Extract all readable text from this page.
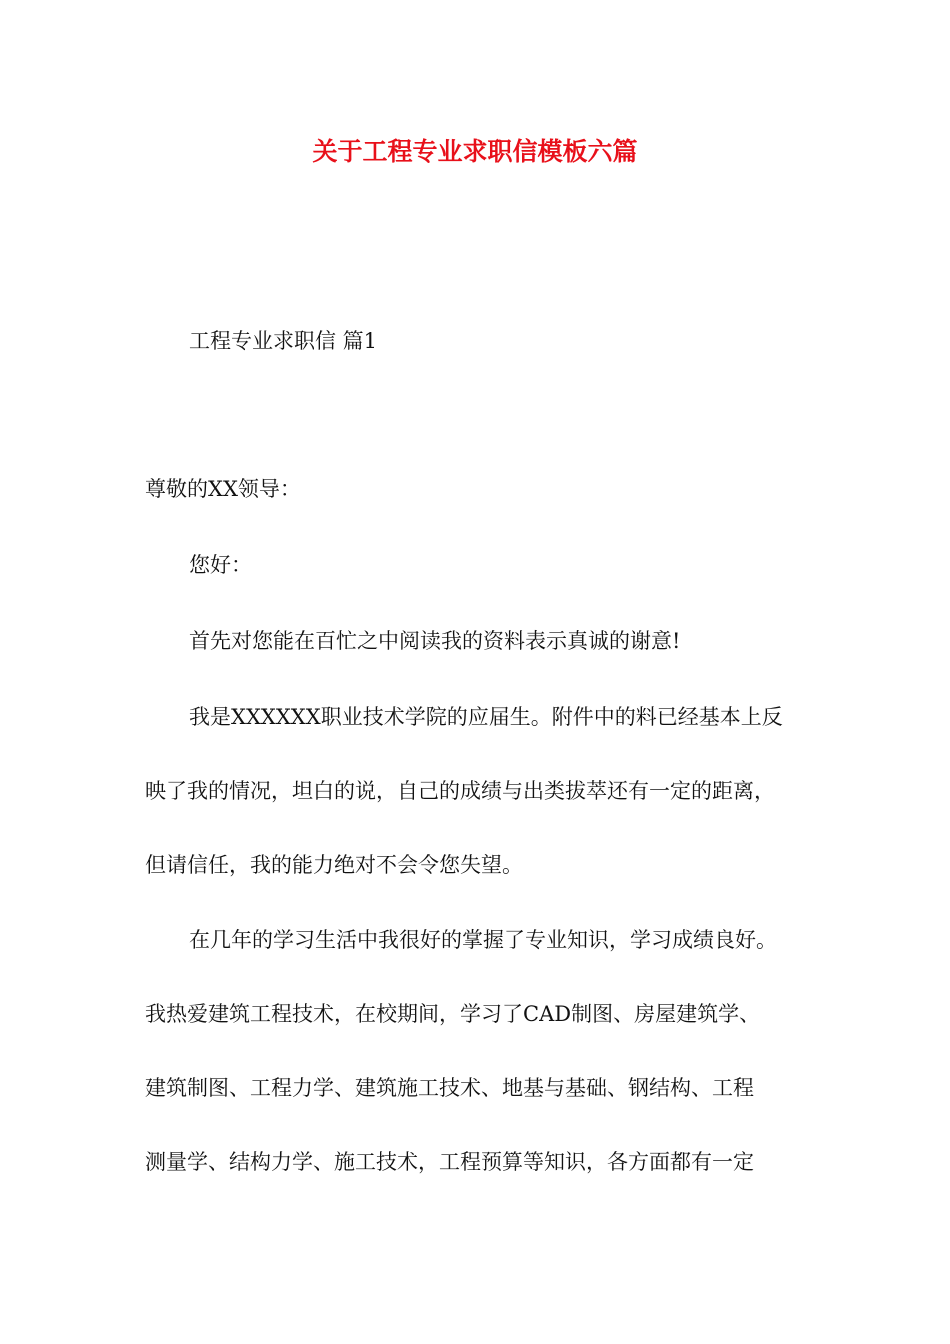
关于工程专业求职信模板六篇
工程专业求职信 篇1
尊敬的XX领导：
您好：
首先对您能在百忙之中阅读我的资料表示真诚的谢意!
我是XXXXXX职业技术学院的应届生。附件中的料已经基本上反
映了我的情况，坦白的说，自己的成绩与出类拔萃还有一定的距离，
但请信任，我的能力绝对不会令您失望。
在几年的学习生活中我很好的掌握了专业知识，学习成绩良好。
我热爱建筑工程技术，在校期间，学习了CAD制图、房屋建筑学、
建筑制图、工程力学、建筑施工技术、地基与基础、钢结构、工程
测量学、结构力学、施工技术，工程预算等知识，各方面都有一定
